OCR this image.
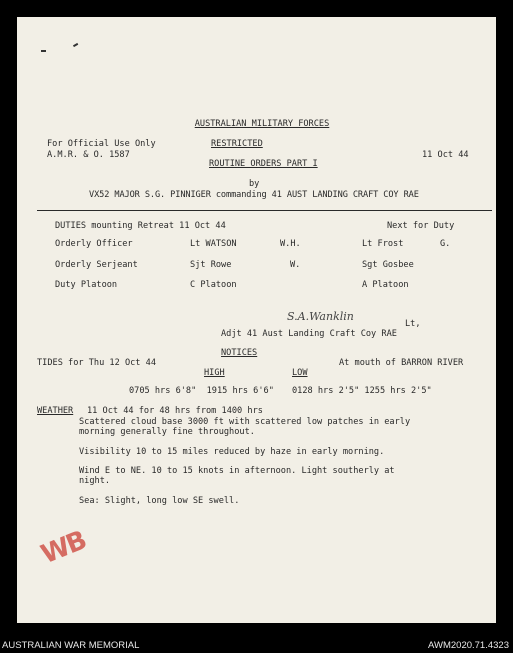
AUSTRALIAN MILITARY FORCES
For Official Use Only
A.M.R. & O. 1587
RESTRICTED
11 Oct 44
ROUTINE ORDERS PART I
by
VX52 MAJOR S.G. PINNIGER commanding 41 AUST LANDING CRAFT COY RAE
DUTIES mounting Retreat 11 Oct 44	Next for Duty
Orderly Officer	Lt WATSON	W.H.	Lt Frost	G.
Orderly Serjeant	Sjt Rowe	W.	Sgt Gosbee
Duty Platoon	C Platoon	A Platoon
S.A.Wanklin
Lt,
Adjt 41 Aust Landing Craft Coy RAE
NOTICES
TIDES for Thu 12 Oct 44	At mouth of BARRON RIVER
HIGH	LOW
0705 hrs 6'8"  1915 hrs 6'6" 0128 hrs 2'5" 1255 hrs 2'5"
WEATHER 11 Oct 44 for 48 hrs from 1400 hrs
Scattered cloud base 3000 ft with scattered low patches in early
morning generally fine throughout.
Visibility 10 to 15 miles reduced by haze in early morning.
Wind E to NE. 10 to 15 knots in afternoon. Light southerly at
night.
Sea: Slight, long low SE swell.
WB
AUSTRALIAN WAR MEMORIAL	AWM2020.71.4323
